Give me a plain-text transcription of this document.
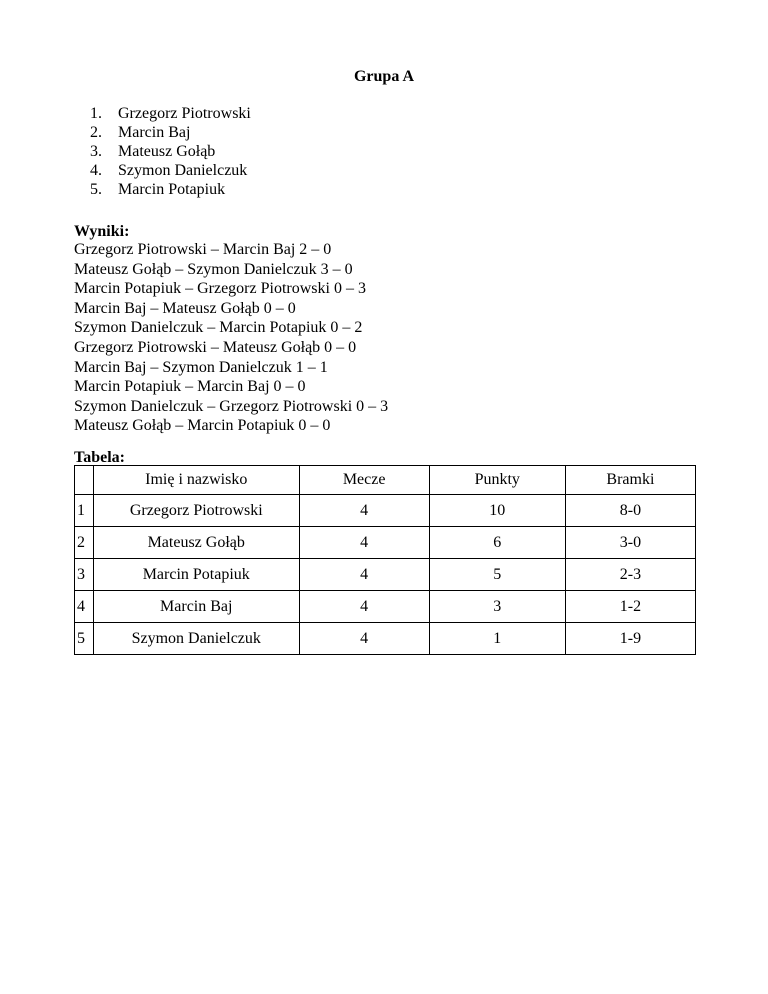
Grupa A
1.	Grzegorz Piotrowski
2.	Marcin Baj
3.	Mateusz Gołąb
4.	Szymon Danielczuk
5.	Marcin Potapiuk
Wyniki:
Grzegorz Piotrowski – Marcin Baj 2 – 0
Mateusz Gołąb – Szymon Danielczuk 3 – 0
Marcin Potapiuk – Grzegorz Piotrowski 0 – 3
Marcin Baj – Mateusz Gołąb 0 – 0
Szymon Danielczuk – Marcin Potapiuk 0 – 2
Grzegorz Piotrowski – Mateusz Gołąb 0 – 0
Marcin Baj – Szymon Danielczuk 1 – 1
Marcin Potapiuk – Marcin Baj 0 – 0
Szymon Danielczuk – Grzegorz Piotrowski 0 – 3
Mateusz Gołąb – Marcin Potapiuk 0 – 0
Tabela:
	Imię i nazwisko	Mecze	Punkty	Bramki
1	Grzegorz Piotrowski	4	10	8-0
2	Mateusz Gołąb	4	6	3-0
3	Marcin Potapiuk	4	5	2-3
4	Marcin Baj	4	3	1-2
5	Szymon Danielczuk	4	1	1-9
